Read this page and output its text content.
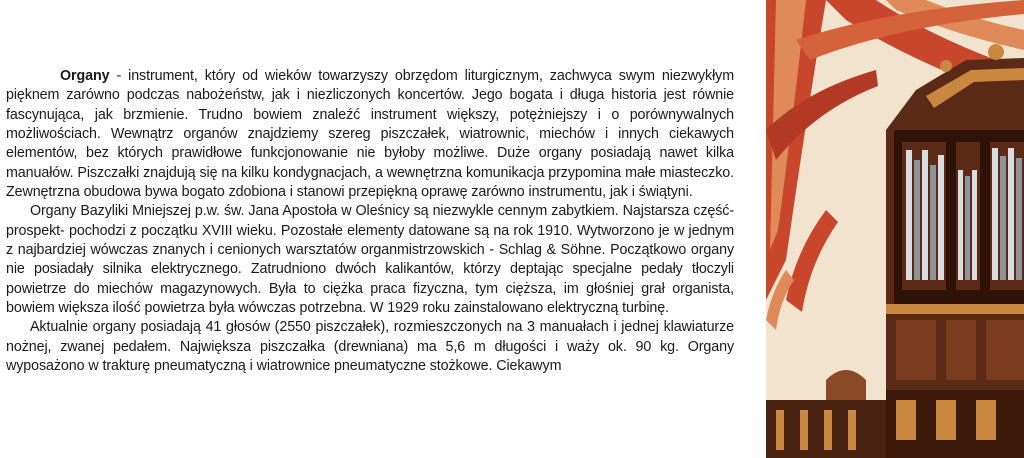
Organy - instrument, który od wieków towarzyszy obrzędom liturgicznym, zachwyca swym niezwykłym pięknem zarówno podczas nabożeństw, jak i niezliczonych koncertów. Jego bogata i długa historia jest równie fascynująca, jak brzmienie. Trudno bowiem znaleźć instrument większy, potężniejszy i o porównywalnych możliwościach. Wewnątrz organów znajdziemy szereg piszczałek, wiatrownic, miechów i innych ciekawych elementów, bez których prawidłowe funkcjonowanie nie byłoby możliwe. Duże organy posiadają nawet kilka manuałów. Piszczałki znajdują się na kilku kondygnacjach, a wewnętrzna komunikacja przypomina małe miasteczko. Zewnętrzna obudowa bywa bogato zdobiona i stanowi przepiękną oprawę zarówno instrumentu, jak i świątyni.

Organy Bazyliki Mniejszej p.w. św. Jana Apostoła w Oleśnicy są niezwykle cennym zabytkiem. Najstarsza część- prospekt- pochodzi z początku XVIII wieku. Pozostałe elementy datowane są na rok 1910. Wytworzono je w jednym z najbardziej wówczas znanych i cenionych warsztatów organmistrzowskich - Schlag & Söhne. Początkowo organy nie posiadały silnika elektrycznego. Zatrudniono dwóch kalikantów, którzy deptając specjalne pedały tłoczyli powietrze do miechów magazynowych. Była to ciężka praca fizyczna, tym cięższa, im głośniej grał organista, bowiem większa ilość powietrza była wówczas potrzebna. W 1929 roku zainstalowano elektryczną turbinę.

Aktualnie organy posiadają 41 głosów (2550 piszczałek), rozmieszczonych na 3 manuałach i jednej klawiaturze nożnej, zwanej pedałem. Największa piszczałka (drewniana) ma 5,6 m długości i waży ok. 90 kg. Organy wyposażono w trakturę pneumatyczną i wiatrownice pneumatyczne stożkowe. Ciekawym
